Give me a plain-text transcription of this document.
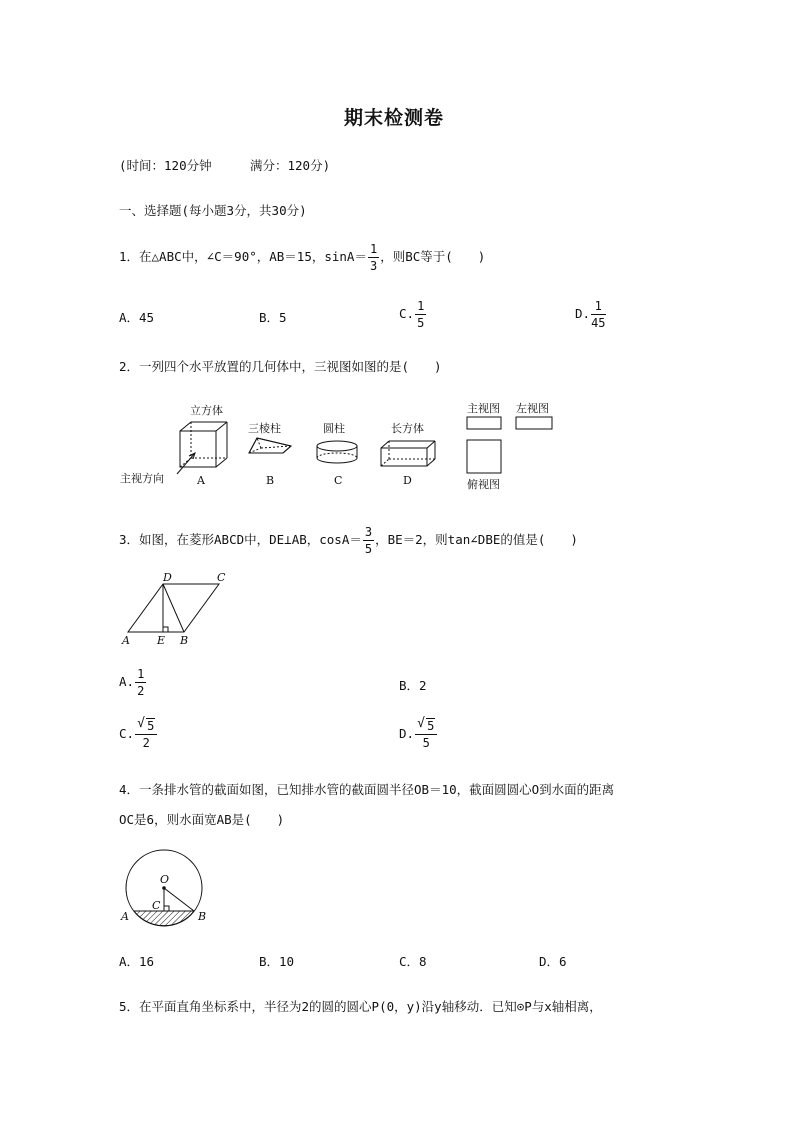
期末检测卷
(时间：120分钟	满分：120分)
一、选择题(每小题3分，共30分)
1．在△ABC中，∠C＝90°，AB＝15，$\sin A= \frac{1}{3}$ ，则BC等于(　　)
A．45	B．5	C. $\frac{1}{5}$	D. $\frac{1}{45}$
2．一列四个水平放置的几何体中，三视图如图的是(　　)
立方体
三棱柱	圆柱	长方体
主视方向	A	B	C	D
主视图 左视图
俯视图
3．如图，在菱形ABCD中，DE⊥AB，$\cos A= \frac{3}{5}$ ，BE＝2，则tan∠DBE的值是(　　)
D	C
A E B
A. $\frac{1}{2}$	B．2
C. √ $\frac{5}{2}$	D. √ $\frac{5}{5}$
4．一条排水管的截面如图，已知排水管的截面圆半径OB＝10，截面圆圆心O到水面的距离
OC是6，则水面宽AB是(　　)
O
C
A	B
A．16	B．10	C．8	D．6
5．在平面直角坐标系中，半径为2的圆的圆心P(0，y)沿y轴移动．已知⊙P与x轴相离，
